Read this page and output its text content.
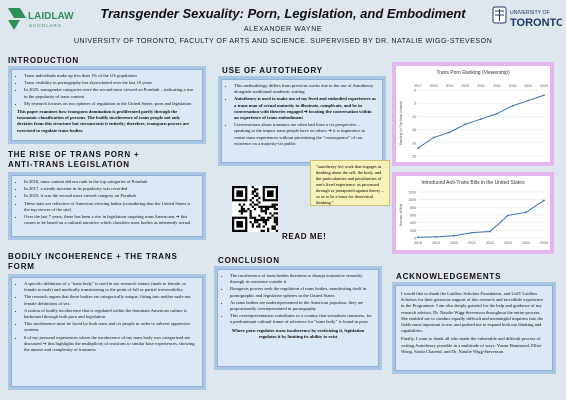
LAIDLAW
SCHOLARS
UNIVERSITY OF
TORONTO
Transgender Sexuality: Porn, Legislation, and Embodiment
ALEXANDER WAYNE
UNIVERSITY OF TORONTO, FACULTY OF ARTS AND SCIENCE. SUPERVISED BY DR. NATALIE WIGG-STEVESON
INTRODUCTION
• Trans individuals make up less than 1% of the US population
• Trans visibility in pornography has skyrocketed over the last 10 years
• In 2025, transgender categories were the second most viewed on Pornhub – indicating a rise in the popularity of trans content
• My research focuses on two spheres of regulation in the United States: porn and legislation

This paper examines how transporn domination is proliferated partly through the taxonomic classification of persons. The bodily incoherence of trans people not only deviates from this structure but circumvents it entirely; therefore, transporn powers are exercised to regulate trans bodies.

THE RISE OF TRANS PORN +
ANTI-TRANS LEGISLATION
• In 2016, trans content did not rank in the top categories of Pornhub
• In 2017, a steady increase in its popularity was recorded
• In 2025, it was the second most viewed category on Pornhub
• These stats are reflective of American viewing habits (considering that the United States is the top viewer of the site)
• Over the last 7 years, there has been a rise in legislation targeting trans Americans ➔ this comes to be based on a cultural narrative which classifies trans bodies as inherently sexual
BODILY INCOHERENCE + THE TRANS
FORM
• A specific definition of a "trans body" is used in my research: binary (male to female, or female to male) and medically transitioning to the point of full or partial irreversibility.
• The research argues that these bodies are categorically unique, fitting into neither male nor female definitions of sex.
• A notion of bodily incoherence that is regulated within the dominant American culture is harboured through both porn and legislation
• This incoherence must be faced by both trans and cis people in order to subvert oppressive systems
• 6 of my personal experiences where the incoherence of my trans body was categorized are discussed ➔ this highlights the multiplicity of reactions to similar base experiences, showing the unease and complexity of transness
USE OF AUTOTHEORY
• This methodology differs from previous works due to the use of Autotheory alongside traditional academic writing
• Autotheory is used to make use of my lived and embodied experiences as a trans man of sexual maturity to illustrate, complicate, and be in conversation with theories engaged ➔ locating the conversation within an experience of trans embodiment
• Conversations about transness are often had from a cis perspective – speaking to the impact trans people have on others ➔ it is imperative to centre trans experiences without prioritizing the "consequence" of our existence on a majority-cis public
"autotheory (is) work that engages in thinking about the self, the body, and the particularities and peculiarities of one's lived experience, as processed through or juxtaposed against theory – so as to be a basis for theoretical thinking."
READ ME!
CONCLUSION
• The incoherence of trans bodies threatens to disrupt normative sexuality through its existence outside it
• Bourgeois powers seek the regulation of trans bodies, manifesting itself in pornographic and legislative spheres in the United States
• As trans bodies are underrepresented in the American populous, they are proportionally overrepresented in pornography
• This overrepresentation contributes to a country that sexualizes transness, for a predominant cultural frame of reference for "trans body" is found in porn

Where porn regulates trans incoherence by eroticizing it, legislation regulates it by limiting its ability to exist

Trans Porn Ranking (Viewership)
0
5
10
15
20
25
2017 2018 2019 2020 2021 2022 2023 2024 2025
Ranking (In Top Most Viewed)
Introduced Anti-Trans Bills in the United States
0
200
400
600
800
1000
1200
2018	2019	2020	2021	2022	2023	2024	2025
Number of Bills
ACKNOWLEDGEMENTS

I would like to thank the Laidlaw Scholars Foundation, and UofT Laidlaw Scholars for their generous support of this research and incredible experience in the Programme. I am also deeply grateful for the help and guidance of my research advisor, Dr. Natalie Wigg-Stevenson throughout the entire process. She enabled me to conduct equally difficult and meaningful inquiries into the fields most important to me, and pushed me to expand both my thinking and capabilities.

Finally, I want to thank all who made the vulnerable and difficult process of writing Autotheory possible in a multitude of ways: Yasmi Hammond, Elliot Wong, Sasha Charend, and Dr. Natalie Wigg-Stevenson.
